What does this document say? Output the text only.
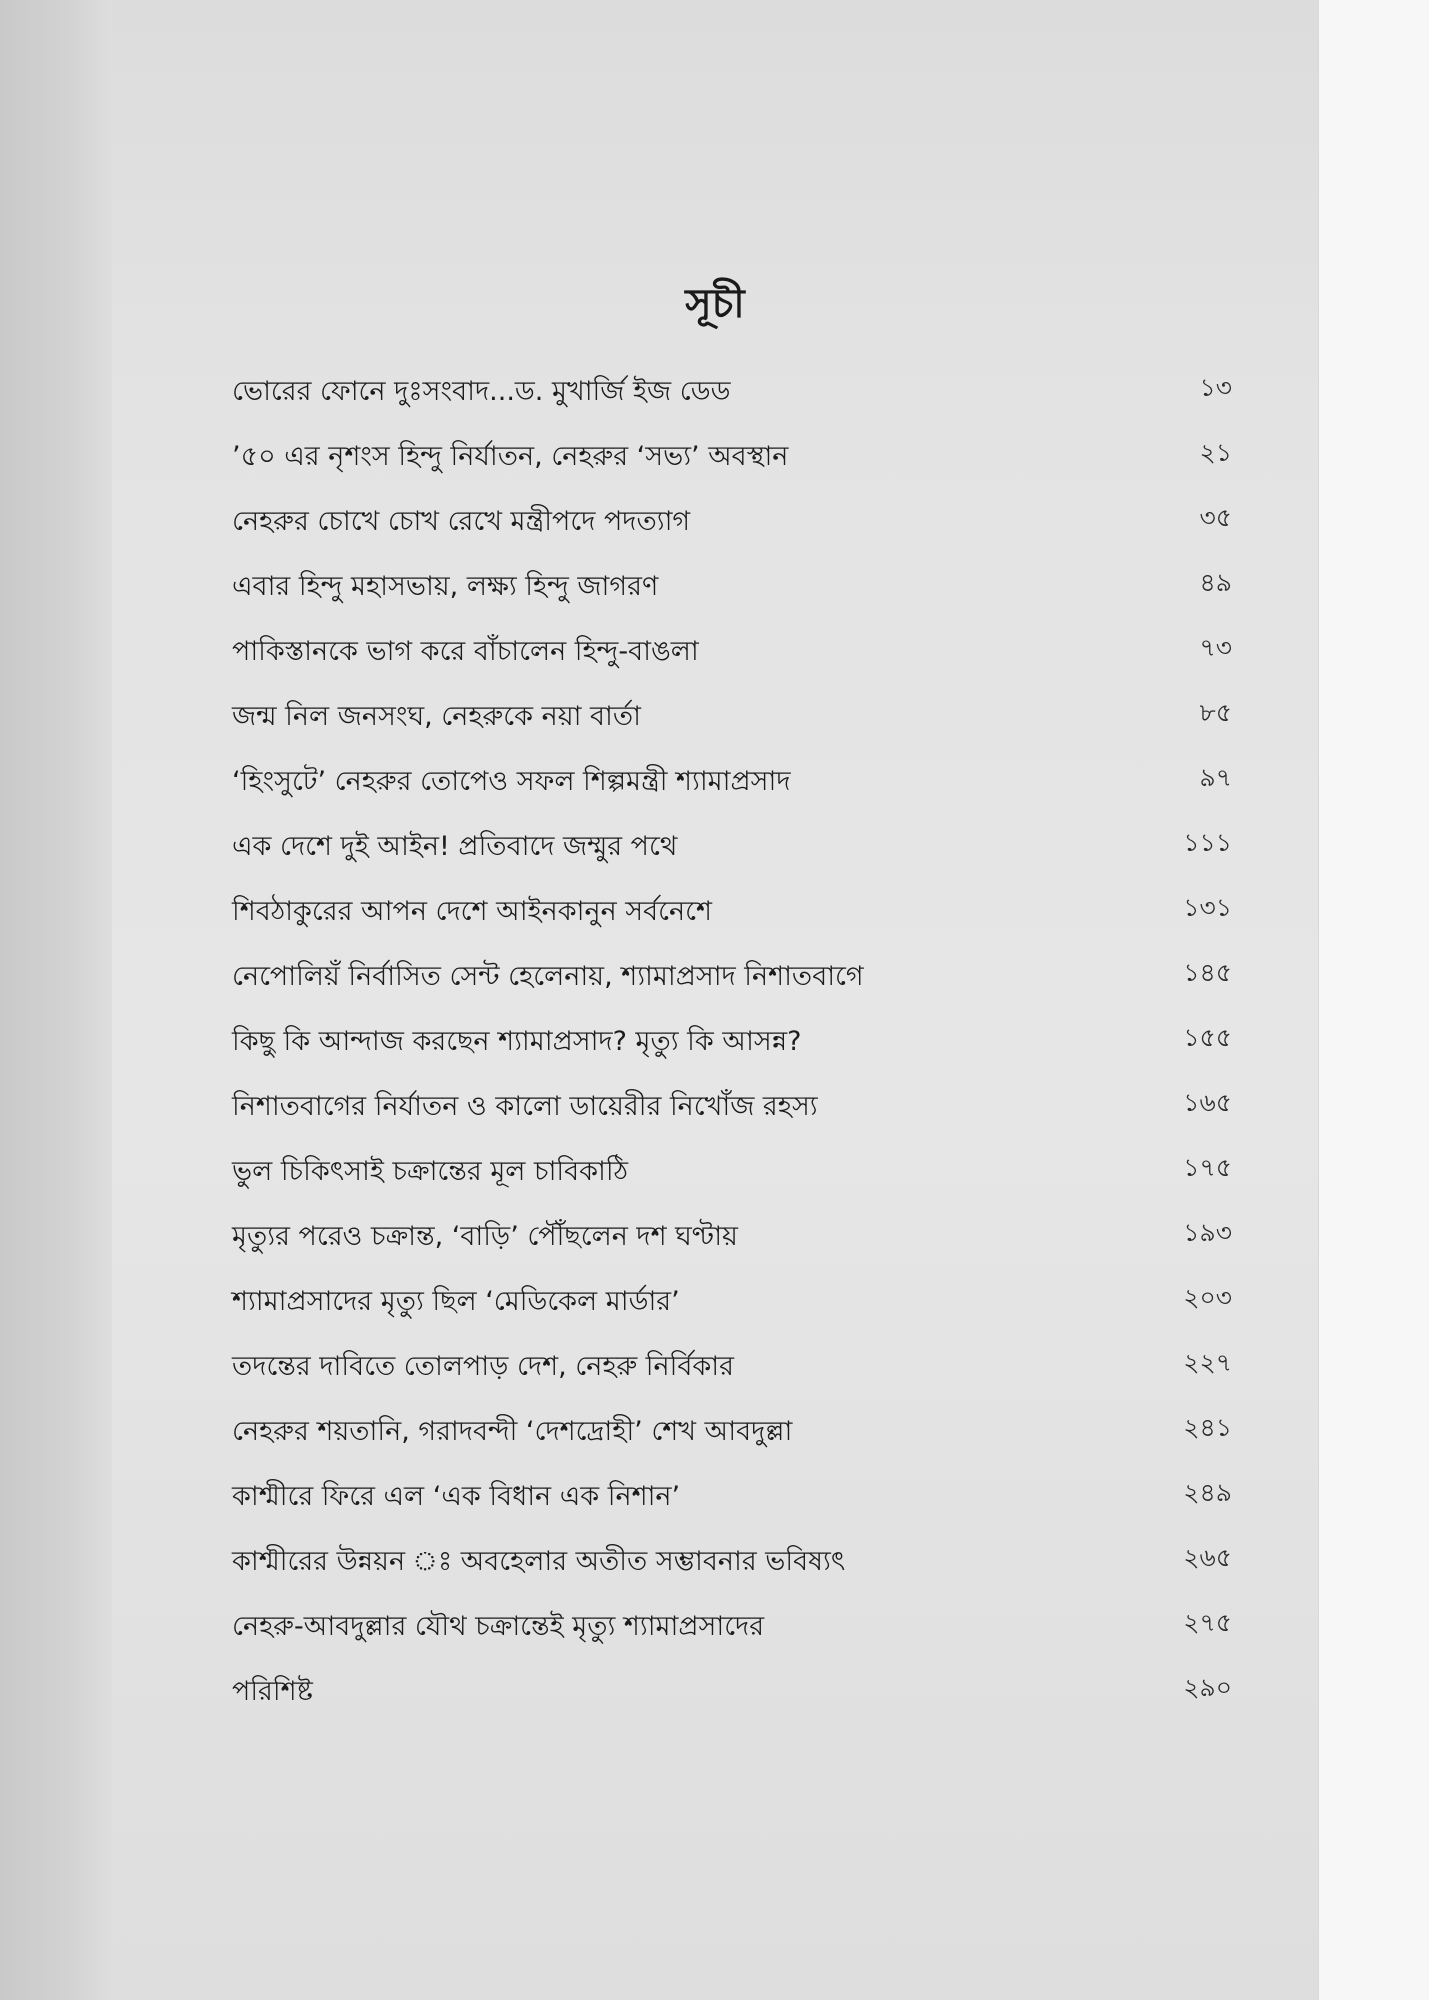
সূচী
ভোরের ফোনে দুঃসংবাদ...ড. মুখার্জি ইজ ডেড	১৩
’৫০ এর নৃশংস হিন্দু নির্যাতন, নেহরুর ‘সভ্য’ অবস্থান	২১
নেহরুর চোখে চোখ রেখে মন্ত্রীপদে পদত্যাগ	৩৫
এবার হিন্দু মহাসভায়, লক্ষ্য হিন্দু জাগরণ	৪৯
পাকিস্তানকে ভাগ করে বাঁচালেন হিন্দু-বাঙলা	৭৩
জন্ম নিল জনসংঘ, নেহরুকে নয়া বার্তা	৮৫
‘হিংসুটে’ নেহরুর তোপেও সফল শিল্পমন্ত্রী শ্যামাপ্রসাদ	৯৭
এক দেশে দুই আইন! প্রতিবাদে জম্মুর পথে	১১১
শিবঠাকুরের আপন দেশে আইনকানুন সর্বনেশে	১৩১
নেপোলিয়ঁ নির্বাসিত সেন্ট হেলেনায়, শ্যামাপ্রসাদ নিশাতবাগে	১৪৫
কিছু কি আন্দাজ করছেন শ্যামাপ্রসাদ? মৃত্যু কি আসন্ন?	১৫৫
নিশাতবাগের নির্যাতন ও কালো ডায়েরীর নিখোঁজ রহস্য	১৬৫
ভুল চিকিৎসাই চক্রান্তের মূল চাবিকাঠি	১৭৫
মৃত্যুর পরেও চক্রান্ত, ‘বাড়ি’ পৌঁছলেন দশ ঘণ্টায়	১৯৩
শ্যামাপ্রসাদের মৃত্যু ছিল ‘মেডিকেল মার্ডার’	২০৩
তদন্তের দাবিতে তোলপাড় দেশ, নেহরু নির্বিকার	২২৭
নেহরুর শয়তানি, গরাদবন্দী ‘দেশদ্রোহী’ শেখ আবদুল্লা	২৪১
কাশ্মীরে ফিরে এল ‘এক বিধান এক নিশান’	২৪৯
কাশ্মীরের উন্নয়ন ঃ অবহেলার অতীত সম্ভাবনার ভবিষ্যৎ	২৬৫
নেহরু-আবদুল্লার যৌথ চক্রান্তেই মৃত্যু শ্যামাপ্রসাদের	২৭৫
পরিশিষ্ট	২৯০
